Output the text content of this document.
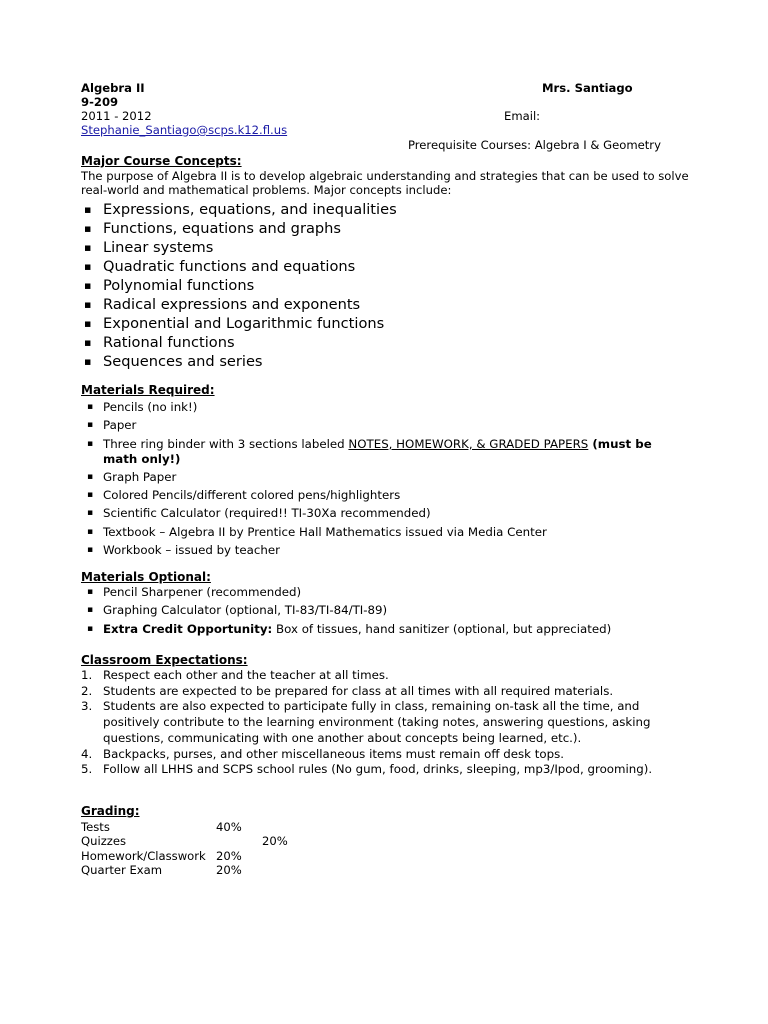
Algebra II
9-209
2011 - 2012
Stephanie_Santiago@scps.k12.fl.us
Mrs. Santiago
Email:
Prerequisite Courses: Algebra I & Geometry
Major Course Concepts:

The purpose of Algebra II is to develop algebraic understanding and strategies that can be used to solve real-world and mathematical problems. Major concepts include:

▪ Expressions, equations, and inequalities
▪ Functions, equations and graphs
▪ Linear systems
▪ Quadratic functions and equations
▪ Polynomial functions
▪ Radical expressions and exponents
▪ Exponential and Logarithmic functions
▪ Rational functions
▪ Sequences and series
Materials Required:
▪ Pencils (no ink!)
▪ Paper
▪ Three ring binder with 3 sections labeled NOTES, HOMEWORK, & GRADED PAPERS (must be math only!)
▪ Graph Paper
▪ Colored Pencils/different colored pens/highlighters
▪ Scientific Calculator (required!! TI-30Xa recommended)
▪ Textbook – Algebra II by Prentice Hall Mathematics issued via Media Center
▪ Workbook – issued by teacher
Materials Optional:
▪ Pencil Sharpener (recommended)
▪ Graphing Calculator (optional, TI-83/TI-84/TI-89)
▪ Extra Credit Opportunity: Box of tissues, hand sanitizer (optional, but appreciated)
Classroom Expectations:
1. Respect each other and the teacher at all times.
2. Students are expected to be prepared for class at all times with all required materials.
3. Students are also expected to participate fully in class, remaining on-task all the time, and positively contribute to the learning environment (taking notes, answering questions, asking questions, communicating with one another about concepts being learned, etc.).
4. Backpacks, purses, and other miscellaneous items must remain off desk tops.
5. Follow all LHHS and SCPS school rules (No gum, food, drinks, sleeping, mp3/Ipod, grooming).
Grading:
Tests	40%
Quizzes	20%
Homework/Classwork 20%
Quarter Exam	20%
